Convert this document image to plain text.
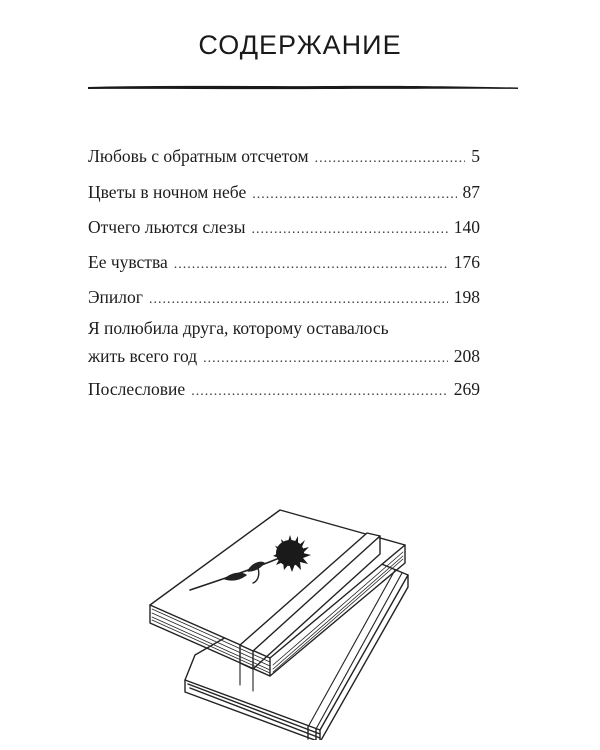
СОДЕРЖАНИЕ
Любовь с обратным отсчетом .....	5
Цветы в ночном небе .....	87
Отчего льются слезы .....	140
Ее чувства .....	176
Эпилог .....	198
Я полюбила друга, которому оставалось
жить всего год .....	208
Послесловие .....	269
